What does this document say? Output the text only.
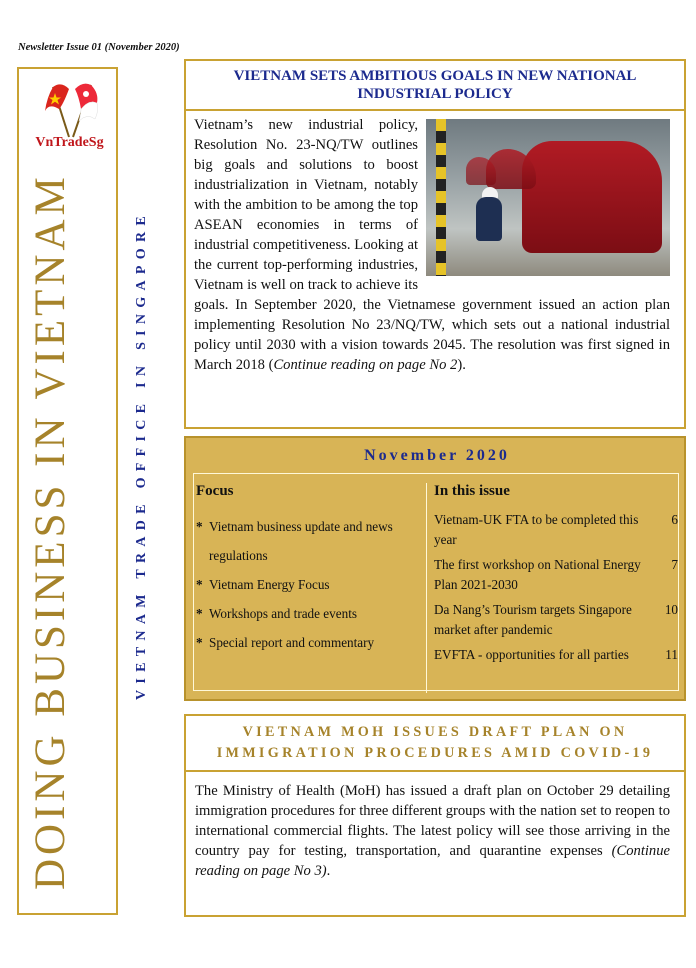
Newsletter Issue 01 (November 2020)
VnTradeSg
DOING BUSINESS IN VIETNAM	VIETNAM TRADE OFFICE IN SINGAPORE
VIETNAM SETS AMBITIOUS GOALS IN NEW NATIONAL INDUSTRIAL POLICY
Vietnam’s new industrial policy, Resolution No. 23-NQ/TW outlines big goals and solutions to boost industrialization in Vietnam, notably with the ambition to be among the top ASEAN economies in terms of industrial competitiveness. Looking at the current top-performing industries, Vietnam is well on track to achieve its goals. In September 2020, the Vietnamese government issued an action plan implementing Resolution No 23/NQ/TW, which sets out a national industrial policy until 2030 with a vision towards 2045. The resolution was first signed in March 2018 (Continue reading on page No 2).
November 2020
Focus
* Vietnam business update and news regulations
* Vietnam Energy Focus
* Workshops and trade events
* Special report and commentary
In this issue
Vietnam-UK FTA to be completed this year
6
The first workshop on National Energy Plan 2021-2030
7
Da Nang’s Tourism targets Singapore market after pandemic
10
EVFTA - opportunities for all parties	11
VIETNAM MOH ISSUES DRAFT PLAN ON IMMIGRATION PROCEDURES AMID COVID-19
The Ministry of Health (MoH) has issued a draft plan on October 29 detailing immigration procedures for three different groups with the nation set to reopen to international commercial flights. The latest policy will see those arriving in the country pay for testing, transportation, and quarantine expenses (Continue reading on page No 3).
